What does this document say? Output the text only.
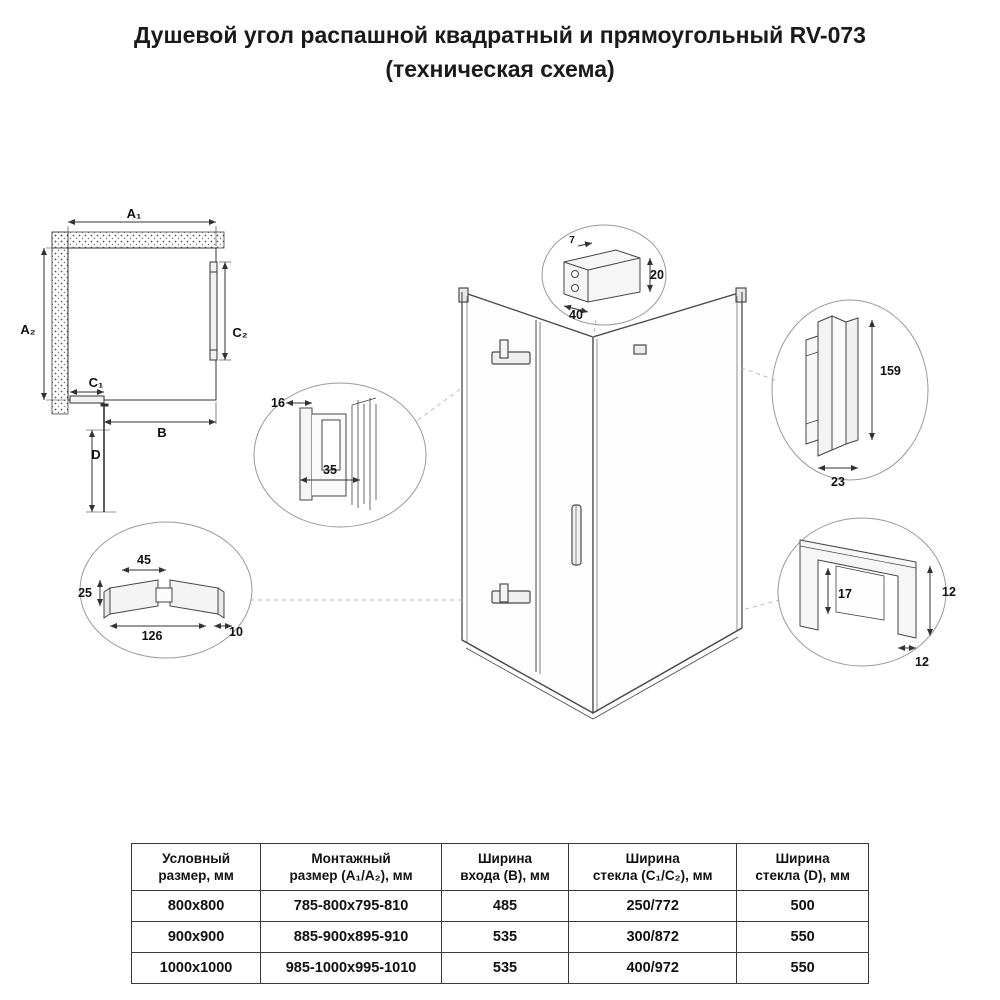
Душевой угол распашной квадратный и прямоугольный RV-073
(техническая схема)
A₁
A₂	C₂
B
C₁
D
16
35
40
20
7
159
23
45
25
126	10
12
17
12
Условный
размер, мм

Монтажный
размер (A₁/A₂), мм

Ширина
входа (B), мм

Ширина
стекла (C₁/C₂), мм

Ширина
стекла (D), мм

800x800	785-800x795-810	485	250/772	500
900x900	885-900x895-910	535	300/872	550
1000x1000	985-1000x995-1010	535	400/972	550
